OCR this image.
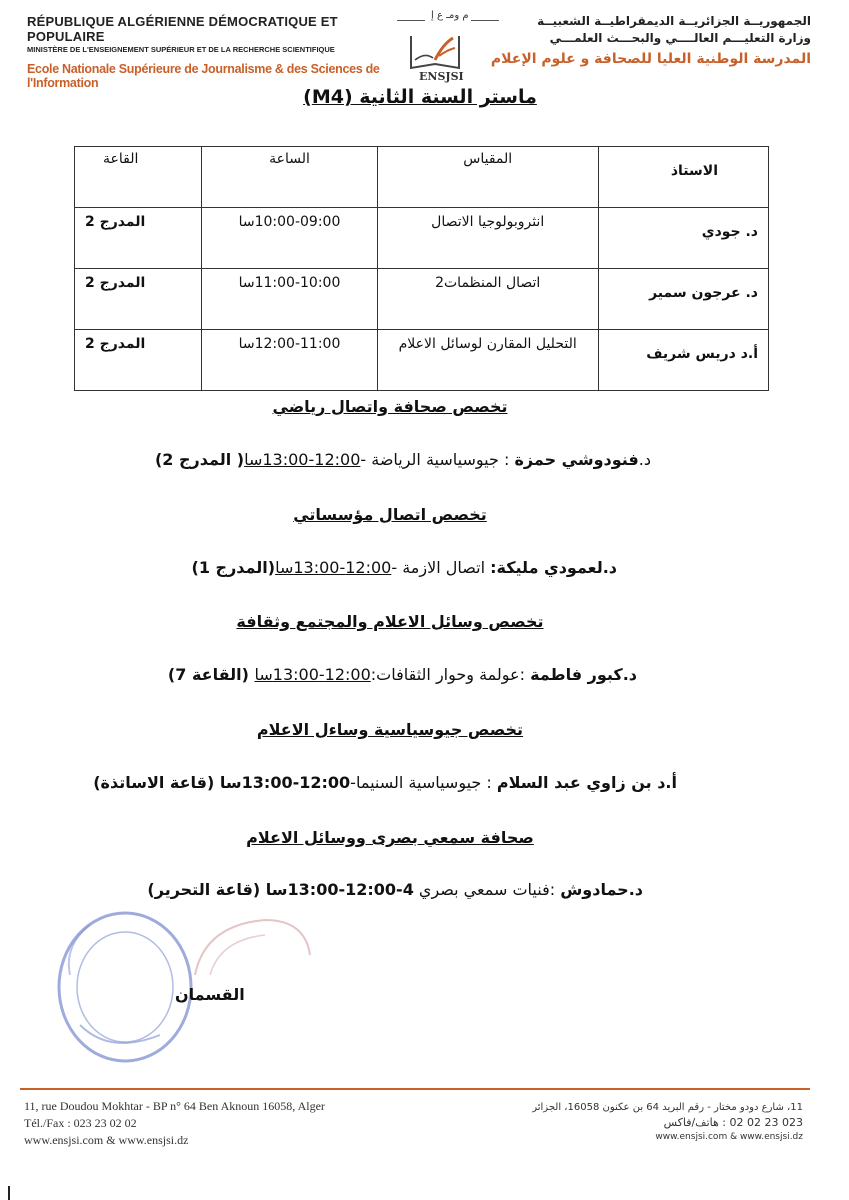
RÉPUBLIQUE ALGÉRIENNE DÉMOCRATIQUE ET POPULAIRE
MINISTÈRE DE L'ENSEIGNEMENT SUPÉRIEUR ET DE LA RECHERCHE SCIENTIFIQUE
Ecole Nationale Supérieure de Journalisme & des Sciences de l'Information
م ومـ ع إ
ENSJSI
الجمهوريــة الجزائريــة الديمقراطيــة الشعبيــة
وزارة التعليـــم العالــــي والبحـــث العلمـــي
المدرسة الوطنية العليا للصحافة و علوم الإعلام
ماستر السنة الثانية (M4)
الاستاذ	المقياس	الساعة	القاعة
د. جودي	انثروبولوجيا الاتصال	10:00-09:00سا	المدرج 2
د. عرجون سمير	اتصال المنظمات2	11:00-10:00سا	المدرج 2
أ.د دريس شريف	التحليل المقارن لوسائل الاعلام	12:00-11:00سا	المدرج 2
تخصص صحافة واتصال رياضي
د.فنودوشي حمزة : جيوسياسية الرياضة -12:00-13:00سا( المدرج 2)
تخصص اتصال مؤسساتي
د.لعمودي مليكة: اتصال الازمة -12:00-13:00سا(المدرج 1)
تخصص وسائل الاعلام والمجتمع وثقافة
د.كبور فاطمة :عولمة وحوار الثقافات:12:00-13:00سا (القاعة 7)
تخصص جيوسياسية وساءل الاعلام
أ.د بن زاوي عبد السلام : جيوسياسية السنيما-12:00-13:00سا (قاعة الاساتذة)
صحافة سمعي بصرى ووسائل الاعلام
د.حمادوش :فنيات سمعي بصري 4-12:00-13:00سا (قاعة التحرير)
القسمان
11, rue Doudou Mokhtar - BP n° 64 Ben Aknoun 16058, Alger
Tél./Fax : 023 23 02 02
www.ensjsi.com & www.ensjsi.dz
11، شارع دودو مختار - رقم البريد 64 بن عكنون 16058، الجزائر
023 23 02 02 : هاتف/فاكس
www.ensjsi.com & www.ensjsi.dz
